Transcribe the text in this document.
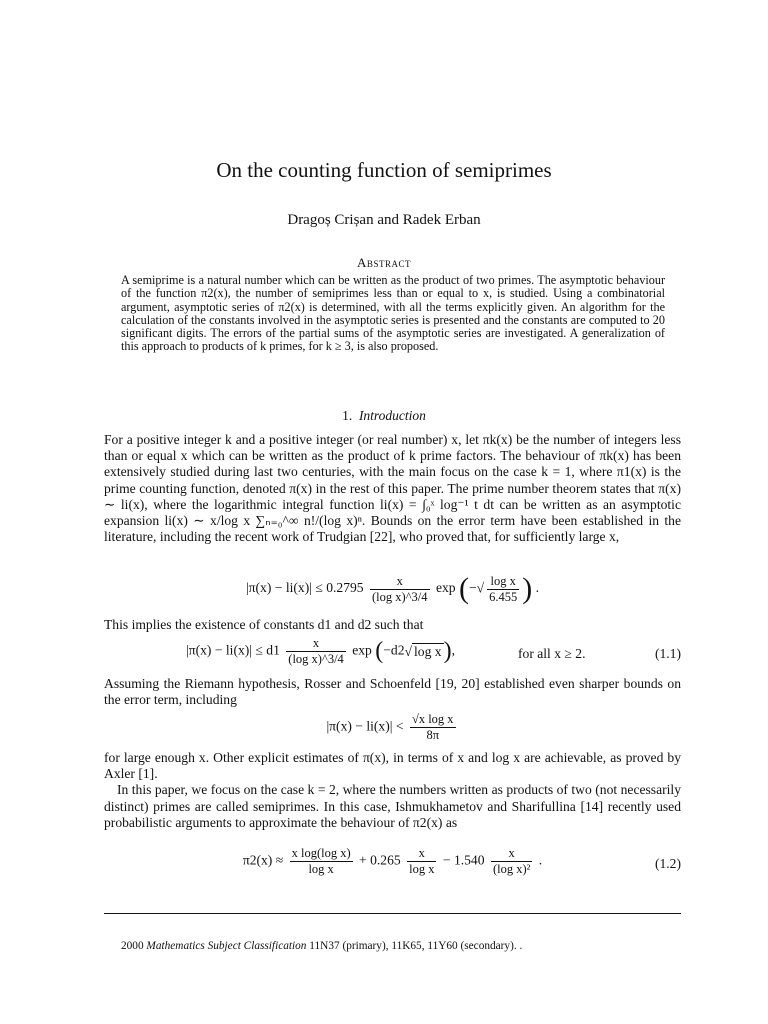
On the counting function of semiprimes
Dragoș Crișan and Radek Erban
Abstract
A semiprime is a natural number which can be written as the product of two primes. The asymptotic behaviour of the function π2(x), the number of semiprimes less than or equal to x, is studied. Using a combinatorial argument, asymptotic series of π2(x) is determined, with all the terms explicitly given. An algorithm for the calculation of the constants involved in the asymptotic series is presented and the constants are computed to 20 significant digits. The errors of the partial sums of the asymptotic series are investigated. A generalization of this approach to products of k primes, for k ≥ 3, is also proposed.
1. Introduction
For a positive integer k and a positive integer (or real number) x, let πk(x) be the number of integers less than or equal x which can be written as the product of k prime factors. The behaviour of πk(x) has been extensively studied during last two centuries, with the main focus on the case k = 1, where π1(x) is the prime counting function, denoted π(x) in the rest of this paper. The prime number theorem states that π(x) ∼ li(x), where the logarithmic integral function li(x) = ∫₀ˣ log⁻¹ t dt can be written as an asymptotic expansion li(x) ∼ x/log x ∑ₙ₌₀^∞ n!/(log x)ⁿ. Bounds on the error term have been established in the literature, including the recent work of Trudgian [22], who proved that, for sufficiently large x,
$|\pi(x) - li(x)| \le 0.2795 \frac{x}{\text{(log x)\textasciicircum{}3/4}}$ exp (−√ $\frac{\text{log x}}{6.455}$ ) .
This implies the existence of constants d1 and d2 such that
$|\pi(x) - li(x)| \le d1 \frac{x}{\text{(log x)\textasciicircum{}3/4}}$ exp (−d2√ log x),	for all x ≥ 2.	(1.1)
Assuming the Riemann hypothesis, Rosser and Schoenfeld [19, 20] established even sharper bounds on the error term, including
$|\pi(x) - li(x)| < \frac{\text{√x log x}}{8\pi}$
for large enough x. Other explicit estimates of π(x), in terms of x and log x are achievable, as proved by Axler [1].
In this paper, we focus on the case k = 2, where the numbers written as products of two (not necessarily distinct) primes are called semiprimes. In this case, Ishmukhametov and Sharifullina [14] recently used probabilistic arguments to approximate the behaviour of π2(x) as
$\pi 2(x) \approx \frac{\text{x log(log x)}}{\text{log x}} + 0.265 \frac{x}{\text{log x}} - 1.540 \frac{x}{\text{(log x)²}}$ .	(1.2)
2000 Mathematics Subject Classification 11N37 (primary), 11K65, 11Y60 (secondary). .
